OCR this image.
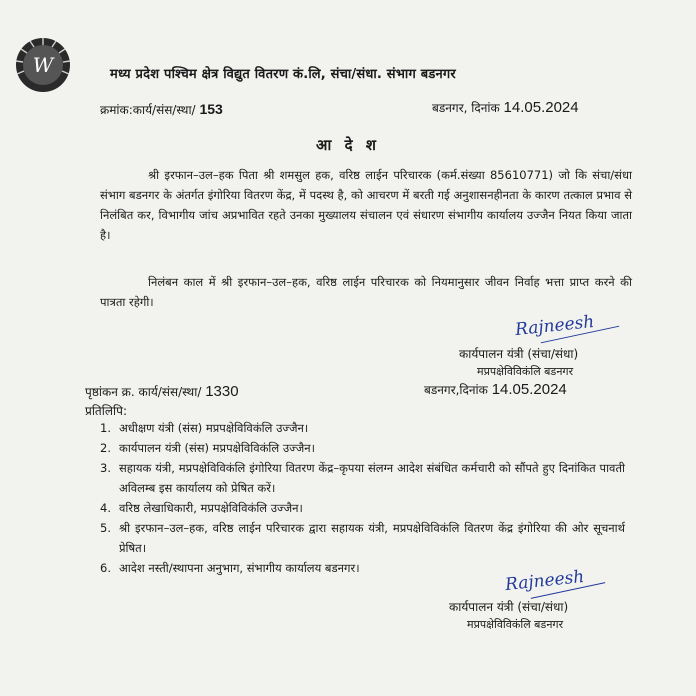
W	मध्य प्रदेश पश्चिम क्षेत्र विद्युत वितरण कं.लि, संचा/संधा. संभाग बडनगर
क्रमांक:कार्य/संस/स्था/ 153	बडनगर, दिनांक 14.05.2024
आ दे श
श्री इरफान–उल–हक पिता श्री शमसुल हक, वरिष्ठ लाईन परिचारक (कर्म.संख्या 85610771) जो कि संचा/संधा संभाग बडनगर के अंतर्गत इंगोरिया वितरण केंद्र, में पदस्थ है, को आचरण में बरती गई अनुशासनहीनता के कारण तत्काल प्रभाव से निलंबित कर, विभागीय जांच अप्रभावित रहते उनका मुख्यालय संचालन एवं संधारण संभागीय कार्यालय उज्जैन नियत किया जाता है।
निलंबन काल में श्री इरफान–उल–हक, वरिष्ठ लाईन परिचारक को नियमानुसार जीवन निर्वाह भत्ता प्राप्त करने की पात्रता रहेगी।
Rajneesh
कार्यपालन यंत्री (संचा/संधा)
मप्रपक्षेविविकंलि बडनगर
पृष्ठांकन क्र. कार्य/संस/स्था/ 1330	बडनगर,दिनांक 14.05.2024
प्रतिलिपि:
1. अधीक्षण यंत्री (संस) मप्रपक्षेविविकंलि उज्जैन।
2. कार्यपालन यंत्री (संस) मप्रपक्षेविविकंलि उज्जैन।
3. सहायक यंत्री, मप्रपक्षेविविकंलि इंगोरिया वितरण केंद्र–कृपया संलग्न आदेश संबंधित कर्मचारी को सौंपते हुए दिनांकित पावती अविलम्ब इस कार्यालय को प्रेषित करें।
4. वरिष्ठ लेखाधिकारी, मप्रपक्षेविविकंलि उज्जैन।
5. श्री इरफान–उल–हक, वरिष्ठ लाईन परिचारक द्वारा सहायक यंत्री, मप्रपक्षेविविकंलि वितरण केंद्र इंगोरिया की ओर सूचनार्थ प्रेषित।
6. आदेश नस्ती/स्थापना अनुभाग, संभागीय कार्यालय बडनगर।	Rajneesh
कार्यपालन यंत्री (संचा/संधा)
मप्रपक्षेविविकंलि बडनगर
